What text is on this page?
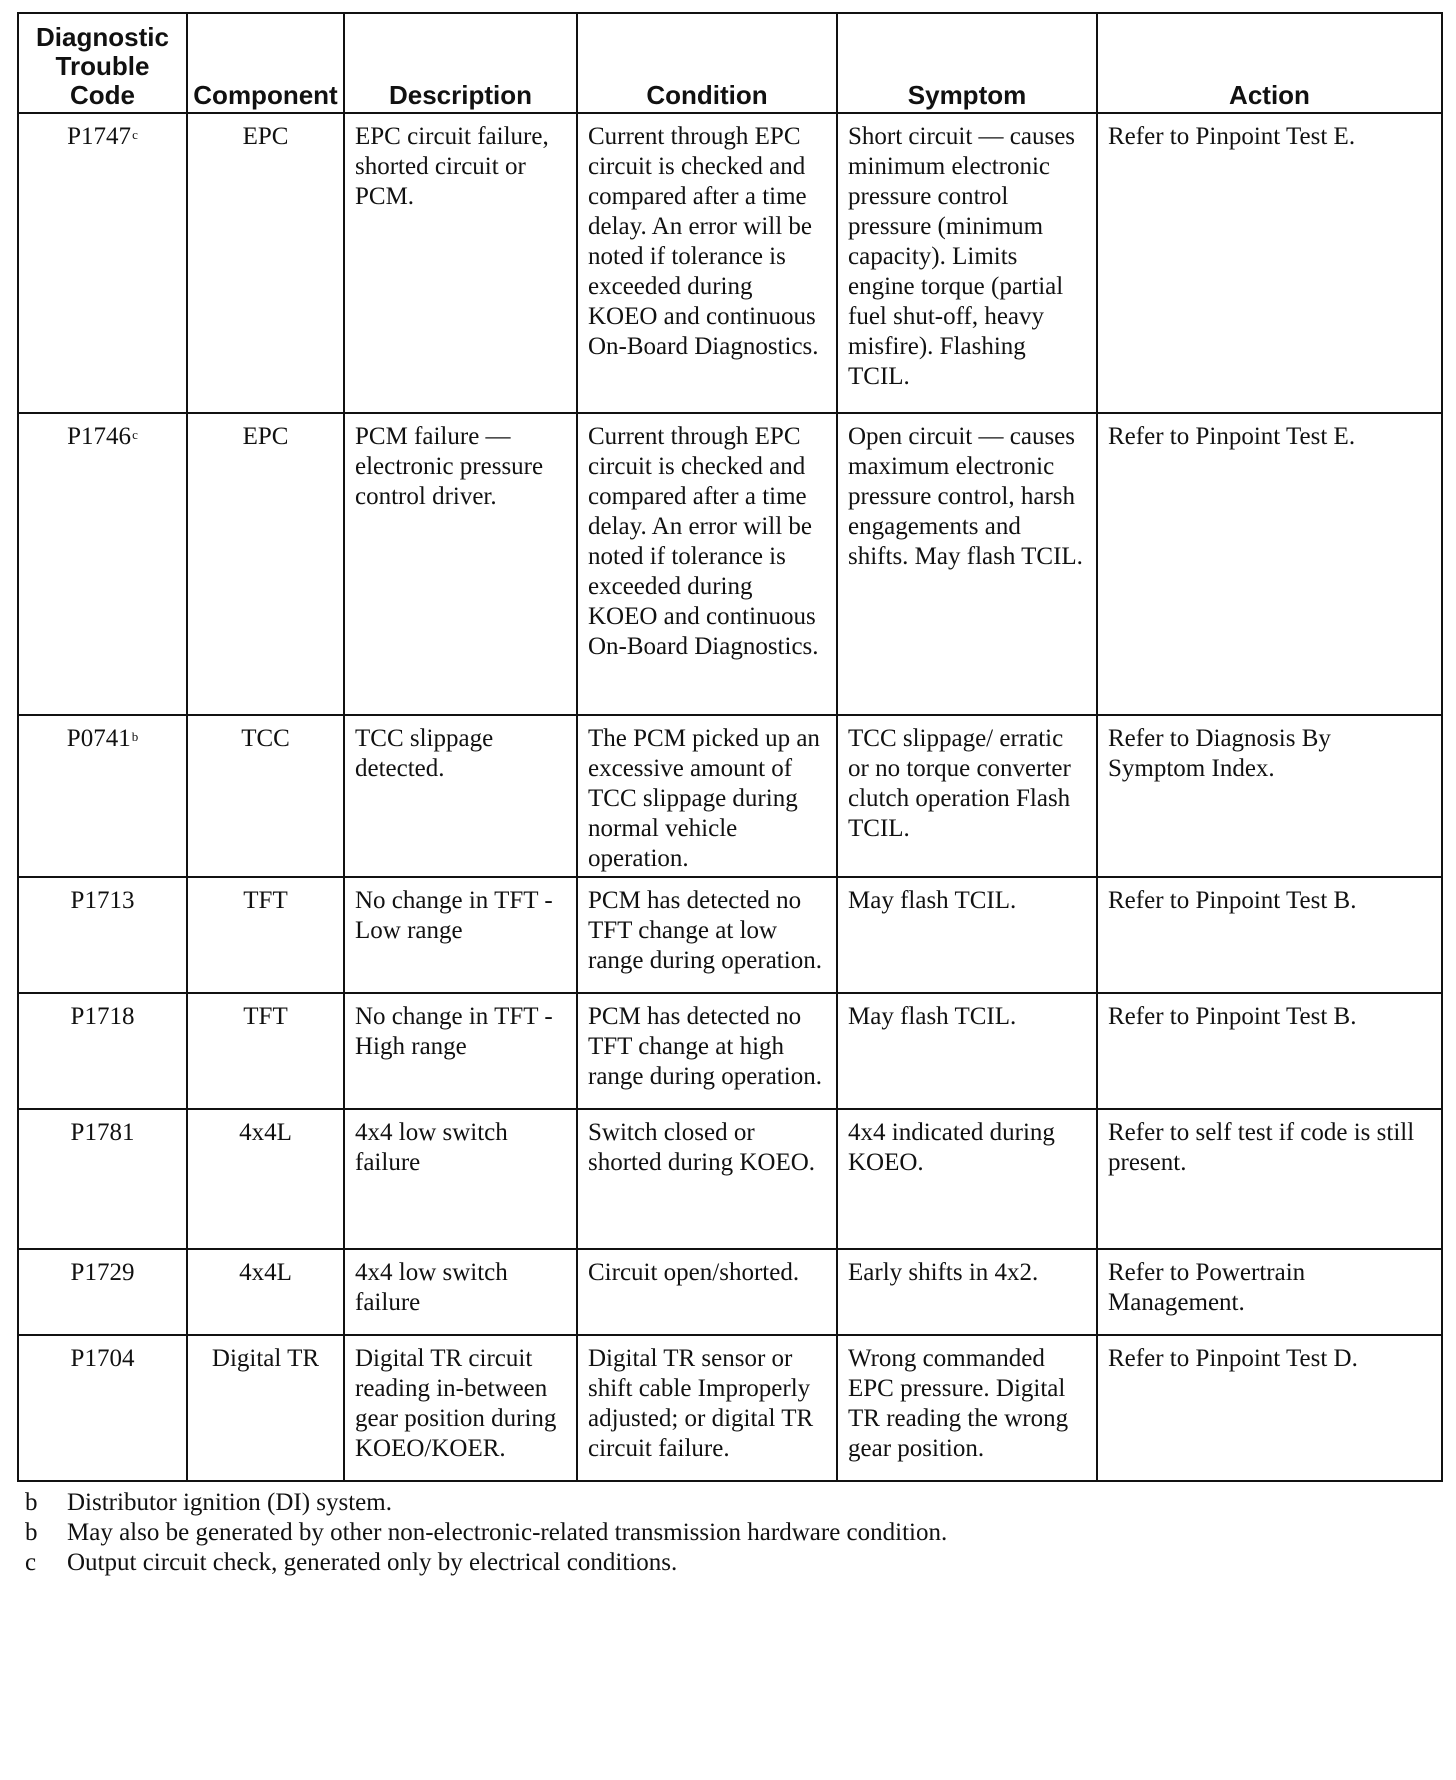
Diagnostic
Trouble
Code	Component	Description	Condition	Symptom	Action
P1747$^c$	EPC	EPC circuit failure, shorted circuit or PCM.	Current through EPC circuit is checked and compared after a time delay. An error will be noted if tolerance is exceeded during KOEO and continuous On-Board Diagnostics.	Short circuit — causes minimum electronic pressure control pressure (minimum capacity). Limits engine torque (partial fuel shut-off, heavy misfire). Flashing TCIL.	Refer to Pinpoint Test E.
P1746$^c$	EPC	PCM failure — electronic pressure control driver.	Current through EPC circuit is checked and compared after a time delay. An error will be noted if tolerance is exceeded during KOEO and continuous On-Board Diagnostics.	Open circuit — causes maximum electronic pressure control, harsh engagements and shifts. May flash TCIL.	Refer to Pinpoint Test E.
P0741$^b$	TCC	TCC slippage detected.	The PCM picked up an excessive amount of TCC slippage during normal vehicle operation.	TCC slippage/ erratic or no torque converter clutch operation Flash TCIL.	Refer to Diagnosis By Symptom Index.
P1713	TFT	No change in TFT - Low range	PCM has detected no TFT change at low range during operation.	May flash TCIL.	Refer to Pinpoint Test B.
P1718	TFT	No change in TFT - High range	PCM has detected no TFT change at high range during operation.	May flash TCIL.	Refer to Pinpoint Test B.
P1781	4x4L	4x4 low switch failure	Switch closed or shorted during KOEO.	4x4 indicated during KOEO.	Refer to self test if code is still present.
P1729	4x4L	4x4 low switch failure	Circuit open/shorted.	Early shifts in 4x2.	Refer to Powertrain Management.
P1704	Digital TR	Digital TR circuit reading in-between gear position during KOEO/KOER.	Digital TR sensor or shift cable Improperly adjusted; or digital TR circuit failure.	Wrong commanded EPC pressure. Digital TR reading the wrong gear position.	Refer to Pinpoint Test D.
b	Distributor ignition (DI) system.
b	May also be generated by other non-electronic-related transmission hardware condition.
c	Output circuit check, generated only by electrical conditions.
